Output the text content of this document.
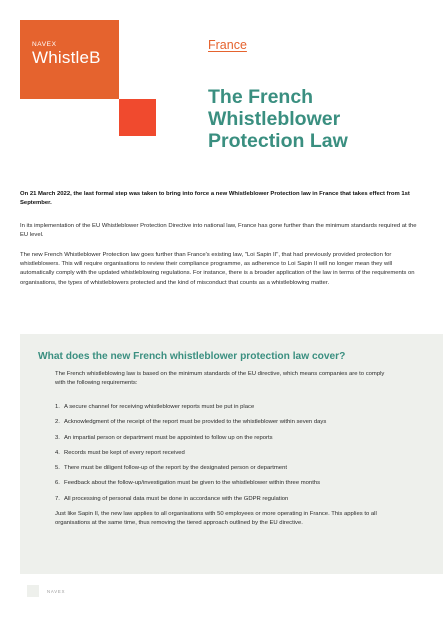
NAVEX
WhistleB
France
The French Whistleblower Protection Law

On 21 March 2022, the last formal step was taken to bring into force a new Whistleblower Protection law in France that takes effect from 1st September.

In its implementation of the EU Whistleblower Protection Directive into national law, France has gone further than the minimum standards required at the EU level.

The new French Whistleblower Protection law goes further than France's existing law, "Loi Sapin II", that had previously provided protection for whistleblowers. This will require organisations to review their compliance programme, as adherence to Loi Sapin II will no longer mean they will automatically comply with the updated whistleblowing regulations. For instance, there is a broader application of the law in terms of the requirements on organisations, the types of whistleblowers protected and the kind of misconduct that counts as a whistleblowing matter.

What does the new French whistleblower protection law cover?

The French whistleblowing law is based on the minimum standards of the EU directive, which means companies are to comply with the following requirements:

1. A secure channel for receiving whistleblower reports must be put in place
2. Acknowledgment of the receipt of the report must be provided to the whistleblower within seven days
3. An impartial person or department must be appointed to follow up on the reports
4. Records must be kept of every report received
5. There must be diligent follow-up of the report by the designated person or department
6. Feedback about the follow-up/investigation must be given to the whistleblower within three months
7. All processing of personal data must be done in accordance with the GDPR regulation

Just like Sapin II, the new law applies to all organisations with 50 employees or more operating in France. This applies to all organisations at the same time, thus removing the tiered approach outlined by the EU directive.

NAVEX
